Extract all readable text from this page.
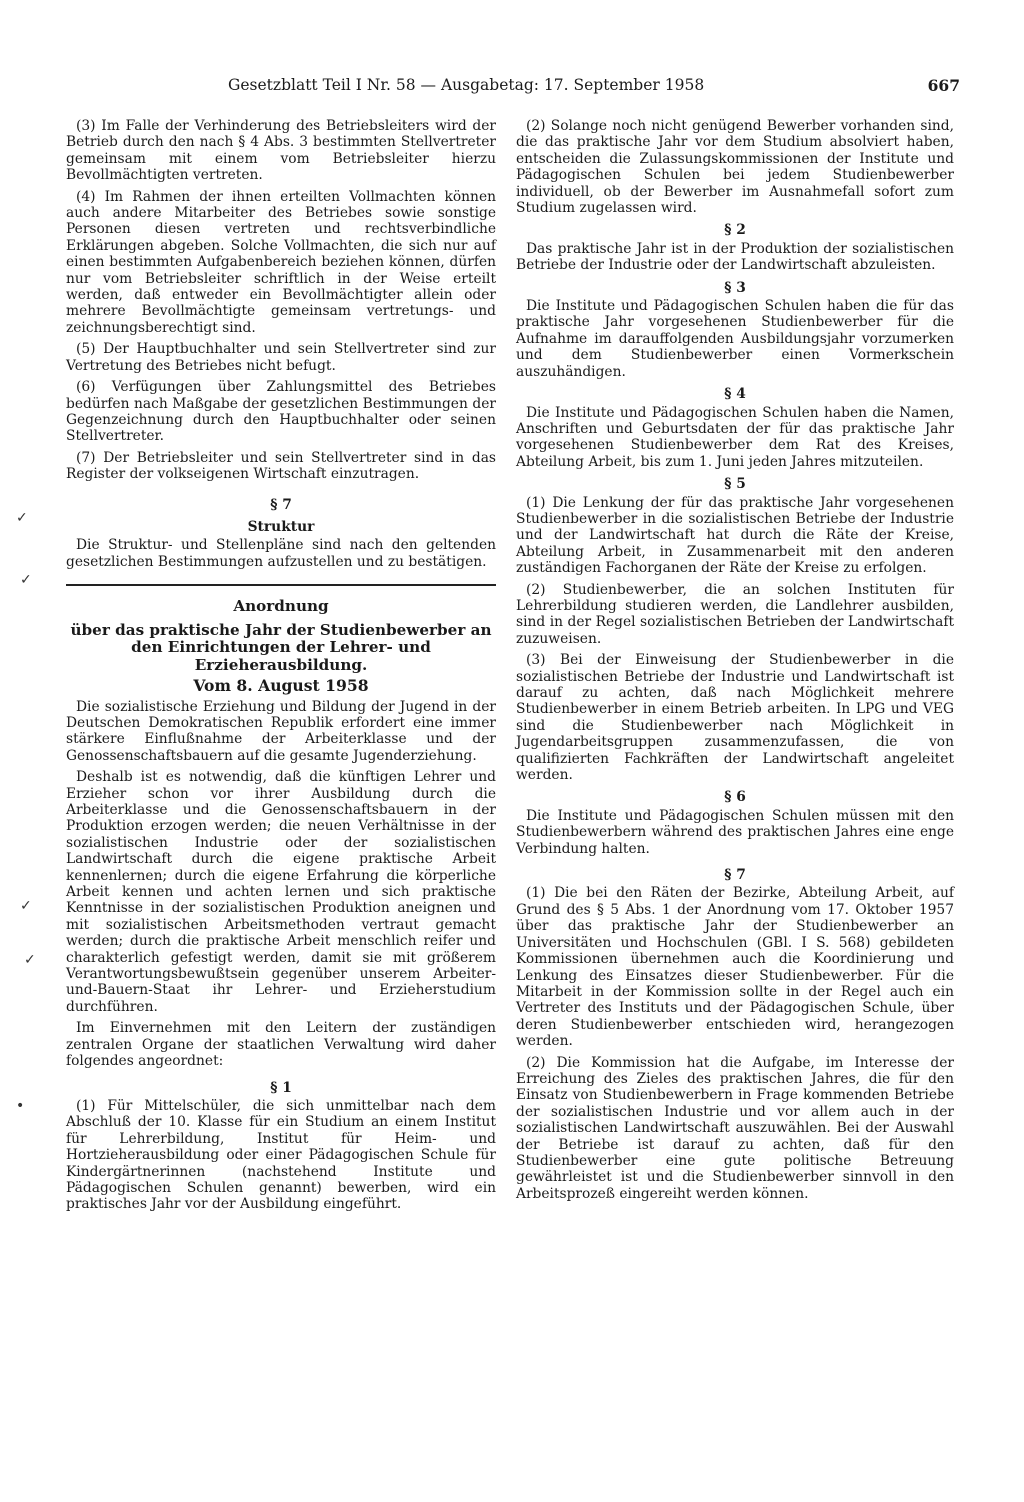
Gesetzblatt Teil I Nr. 58 — Ausgabetag: 17. September 1958	667
✓
✓
✓
✓
•

(3) Im Falle der Verhinderung des Betriebsleiters wird der Betrieb durch den nach § 4 Abs. 3 bestimmten Stellvertreter gemeinsam mit einem vom Betriebsleiter hierzu Bevollmächtigten vertreten.

(4) Im Rahmen der ihnen erteilten Vollmachten können auch andere Mitarbeiter des Betriebes sowie sonstige Personen diesen vertreten und rechtsverbindliche Erklärungen abgeben. Solche Vollmachten, die sich nur auf einen bestimmten Aufgabenbereich beziehen können, dürfen nur vom Betriebsleiter schriftlich in der Weise erteilt werden, daß entweder ein Bevollmächtigter allein oder mehrere Bevollmächtigte gemeinsam vertretungs- und zeichnungsberechtigt sind.

(5) Der Hauptbuchhalter und sein Stellvertreter sind zur Vertretung des Betriebes nicht befugt.

(6) Verfügungen über Zahlungsmittel des Betriebes bedürfen nach Maßgabe der gesetzlichen Bestimmungen der Gegenzeichnung durch den Hauptbuchhalter oder seinen Stellvertreter.

(7) Der Betriebsleiter und sein Stellvertreter sind in das Register der volkseigenen Wirtschaft einzutragen.

§ 7

Struktur

Die Struktur- und Stellenpläne sind nach den geltenden gesetzlichen Bestimmungen aufzustellen und zu bestätigen.

Anordnung
über das praktische Jahr der Studienbewerber an den Einrichtungen der Lehrer- und Erzieherausbildung.
Vom 8. August 1958

Die sozialistische Erziehung und Bildung der Jugend in der Deutschen Demokratischen Republik erfordert eine immer stärkere Einflußnahme der Arbeiterklasse und der Genossenschaftsbauern auf die gesamte Jugenderziehung.

Deshalb ist es notwendig, daß die künftigen Lehrer und Erzieher schon vor ihrer Ausbildung durch die Arbeiterklasse und die Genossenschaftsbauern in der Produktion erzogen werden; die neuen Verhältnisse in der sozialistischen Industrie oder der sozialistischen Landwirtschaft durch die eigene praktische Arbeit kennenlernen; durch die eigene Erfahrung die körperliche Arbeit kennen und achten lernen und sich praktische Kenntnisse in der sozialistischen Produktion aneignen und mit sozialistischen Arbeitsmethoden vertraut gemacht werden; durch die praktische Arbeit menschlich reifer und charakterlich gefestigt werden, damit sie mit größerem Verantwortungsbewußtsein gegenüber unserem Arbeiter-und-Bauern-Staat ihr Lehrer- und Erzieherstudium durchführen.

Im Einvernehmen mit den Leitern der zuständigen zentralen Organe der staatlichen Verwaltung wird daher folgendes angeordnet:

§ 1

(1) Für Mittelschüler, die sich unmittelbar nach dem Abschluß der 10. Klasse für ein Studium an einem Institut für Lehrerbildung, Institut für Heim- und Hortzieherausbildung oder einer Pädagogischen Schule für Kindergärtnerinnen (nachstehend Institute und Pädagogischen Schulen genannt) bewerben, wird ein praktisches Jahr vor der Ausbildung eingeführt.

(2) Solange noch nicht genügend Bewerber vorhanden sind, die das praktische Jahr vor dem Studium absolviert haben, entscheiden die Zulassungskommissionen der Institute und Pädagogischen Schulen bei jedem Studienbewerber individuell, ob der Bewerber im Ausnahmefall sofort zum Studium zugelassen wird.

§ 2

Das praktische Jahr ist in der Produktion der sozialistischen Betriebe der Industrie oder der Landwirtschaft abzuleisten.

§ 3

Die Institute und Pädagogischen Schulen haben die für das praktische Jahr vorgesehenen Studienbewerber für die Aufnahme im darauffolgenden Ausbildungsjahr vorzumerken und dem Studienbewerber einen Vormerkschein auszuhändigen.

§ 4

Die Institute und Pädagogischen Schulen haben die Namen, Anschriften und Geburtsdaten der für das praktische Jahr vorgesehenen Studienbewerber dem Rat des Kreises, Abteilung Arbeit, bis zum 1. Juni jeden Jahres mitzuteilen.

§ 5

(1) Die Lenkung der für das praktische Jahr vorgesehenen Studienbewerber in die sozialistischen Betriebe der Industrie und der Landwirtschaft hat durch die Räte der Kreise, Abteilung Arbeit, in Zusammenarbeit mit den anderen zuständigen Fachorganen der Räte der Kreise zu erfolgen.

(2) Studienbewerber, die an solchen Instituten für Lehrerbildung studieren werden, die Landlehrer ausbilden, sind in der Regel sozialistischen Betrieben der Landwirtschaft zuzuweisen.

(3) Bei der Einweisung der Studienbewerber in die sozialistischen Betriebe der Industrie und Landwirtschaft ist darauf zu achten, daß nach Möglichkeit mehrere Studienbewerber in einem Betrieb arbeiten. In LPG und VEG sind die Studienbewerber nach Möglichkeit in Jugendarbeitsgruppen zusammenzufassen, die von qualifizierten Fachkräften der Landwirtschaft angeleitet werden.

§ 6

Die Institute und Pädagogischen Schulen müssen mit den Studienbewerbern während des praktischen Jahres eine enge Verbindung halten.

§ 7

(1) Die bei den Räten der Bezirke, Abteilung Arbeit, auf Grund des § 5 Abs. 1 der Anordnung vom 17. Oktober 1957 über das praktische Jahr der Studienbewerber an Universitäten und Hochschulen (GBl. I S. 568) gebildeten Kommissionen übernehmen auch die Koordinierung und Lenkung des Einsatzes dieser Studienbewerber. Für die Mitarbeit in der Kommission sollte in der Regel auch ein Vertreter des Instituts und der Pädagogischen Schule, über deren Studienbewerber entschieden wird, herangezogen werden.

(2) Die Kommission hat die Aufgabe, im Interesse der Erreichung des Zieles des praktischen Jahres, die für den Einsatz von Studienbewerbern in Frage kommenden Betriebe der sozialistischen Industrie und vor allem auch in der sozialistischen Landwirtschaft auszuwählen. Bei der Auswahl der Betriebe ist darauf zu achten, daß für den Studienbewerber eine gute politische Betreuung gewährleistet ist und die Studienbewerber sinnvoll in den Arbeitsprozeß eingereiht werden können.
